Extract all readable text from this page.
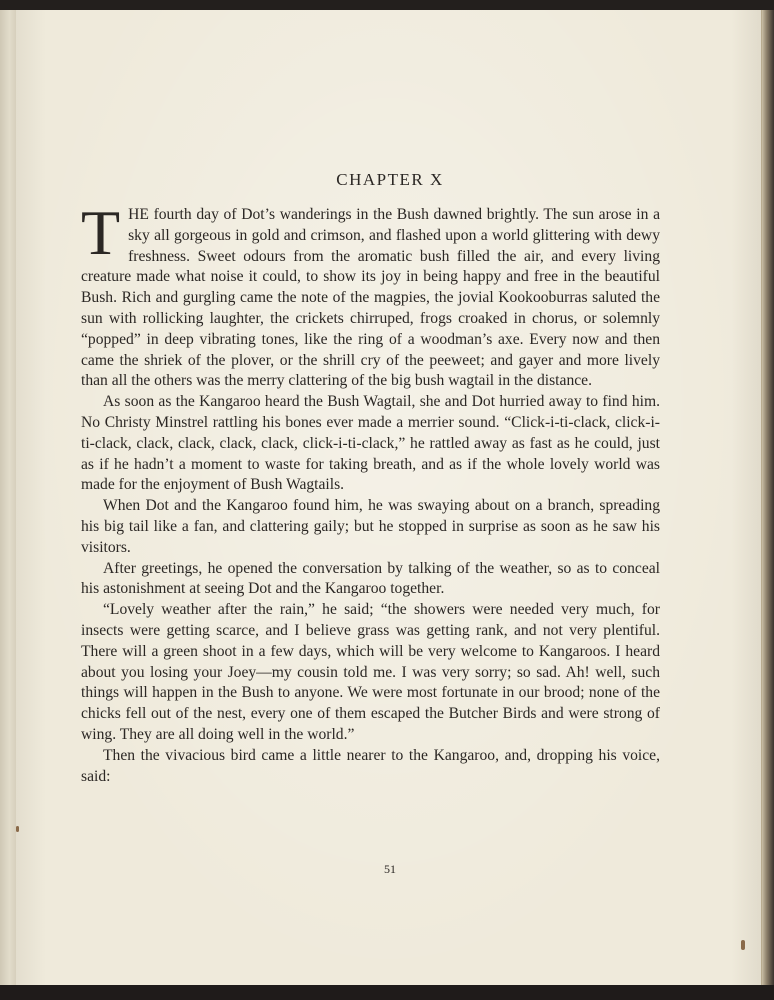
CHAPTER X

THE fourth day of Dot’s wanderings in the Bush dawned brightly. The sun arose in a sky all gorgeous in gold and crimson, and flashed upon a world glittering with dewy freshness. Sweet odours from the aromatic bush filled the air, and every living creature made what noise it could, to show its joy in being happy and free in the beautiful Bush. Rich and gurgling came the note of the magpies, the jovial Kookooburras saluted the sun with rollicking laughter, the crickets chirruped, frogs croaked in chorus, or solemnly “popped” in deep vibrating tones, like the ring of a woodman’s axe. Every now and then came the shriek of the plover, or the shrill cry of the peeweet; and gayer and more lively than all the others was the merry clattering of the big bush wagtail in the distance.

As soon as the Kangaroo heard the Bush Wagtail, she and Dot hurried away to find him. No Christy Minstrel rattling his bones ever made a merrier sound. “Click-i-ti-clack, click-i-ti-clack, clack, clack, clack, clack, click-i-ti-clack,” he rattled away as fast as he could, just as if he hadn’t a moment to waste for taking breath, and as if the whole lovely world was made for the enjoyment of Bush Wagtails.

When Dot and the Kangaroo found him, he was swaying about on a branch, spreading his big tail like a fan, and clattering gaily; but he stopped in surprise as soon as he saw his visitors.

After greetings, he opened the conversation by talking of the weather, so as to conceal his astonishment at seeing Dot and the Kangaroo together.

“Lovely weather after the rain,” he said; “the showers were needed very much, for insects were getting scarce, and I believe grass was getting rank, and not very plentiful. There will a green shoot in a few days, which will be very welcome to Kangaroos. I heard about you losing your Joey—my cousin told me. I was very sorry; so sad. Ah! well, such things will happen in the Bush to anyone. We were most fortunate in our brood; none of the chicks fell out of the nest, every one of them escaped the Butcher Birds and were strong of wing. They are all doing well in the world.”

Then the vivacious bird came a little nearer to the Kangaroo, and, dropping his voice, said:

51
